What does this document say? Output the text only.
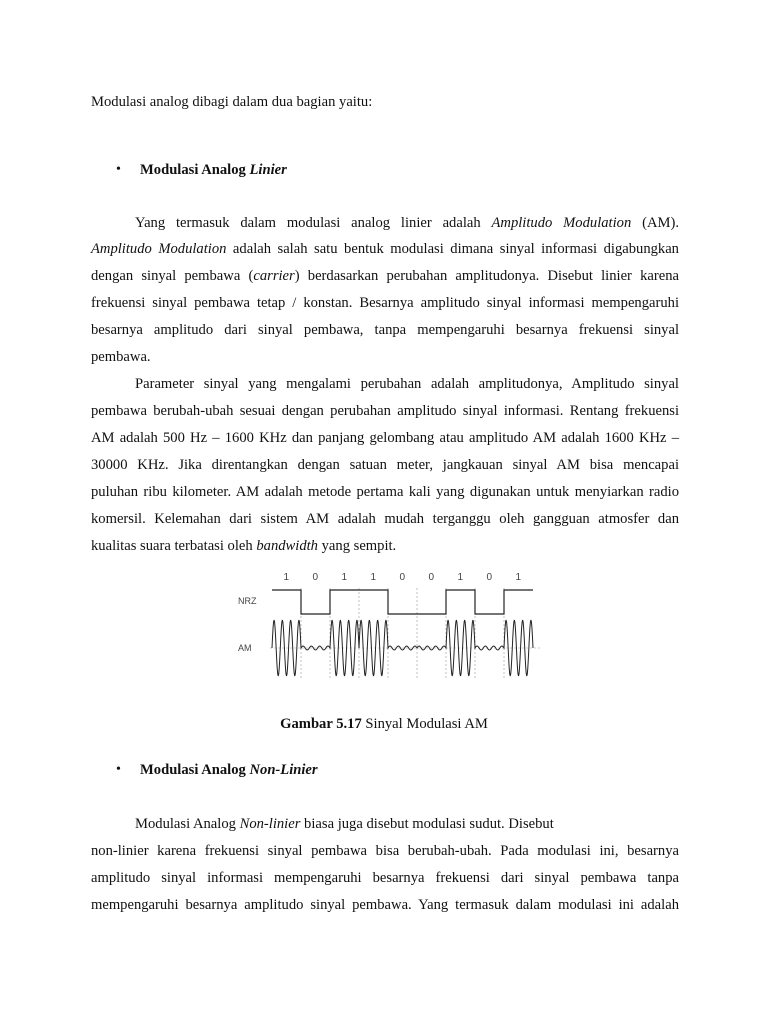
Modulasi analog dibagi dalam dua bagian yaitu:
• Modulasi Analog Linier
Yang termasuk dalam modulasi analog linier adalah Amplitudo Modulation (AM).
Amplitudo Modulation adalah salah satu bentuk modulasi dimana sinyal informasi digabungkan
dengan sinyal pembawa (carrier) berdasarkan perubahan amplitudonya. Disebut linier karena
frekuensi sinyal pembawa tetap / konstan. Besarnya amplitudo sinyal informasi mempengaruhi
besarnya amplitudo dari sinyal pembawa, tanpa mempengaruhi besarnya frekuensi sinyal
pembawa.
Parameter sinyal yang mengalami perubahan adalah amplitudonya, Amplitudo sinyal
pembawa berubah-ubah sesuai dengan perubahan amplitudo sinyal informasi. Rentang frekuensi
AM adalah 500 Hz – 1600 KHz dan panjang gelombang atau amplitudo AM adalah 1600 KHz –
30000 KHz. Jika direntangkan dengan satuan meter, jangkauan sinyal AM bisa mencapai
puluhan ribu kilometer. AM adalah metode pertama kali yang digunakan untuk menyiarkan radio
komersil. Kelemahan dari sistem AM adalah mudah terganggu oleh gangguan atmosfer dan
kualitas suara terbatasi oleh bandwidth yang sempit.
1 0 1 1 0 0 1 0 1
NRZ
AM
Gambar 5.17 Sinyal Modulasi AM
• Modulasi Analog Non-Linier
Modulasi Analog Non-linier biasa juga disebut modulasi sudut. Disebut
non-linier karena frekuensi sinyal pembawa bisa berubah-ubah. Pada modulasi ini, besarnya
amplitudo sinyal informasi mempengaruhi besarnya frekuensi dari sinyal pembawa tanpa
mempengaruhi besarnya amplitudo sinyal pembawa. Yang termasuk dalam modulasi ini adalah
